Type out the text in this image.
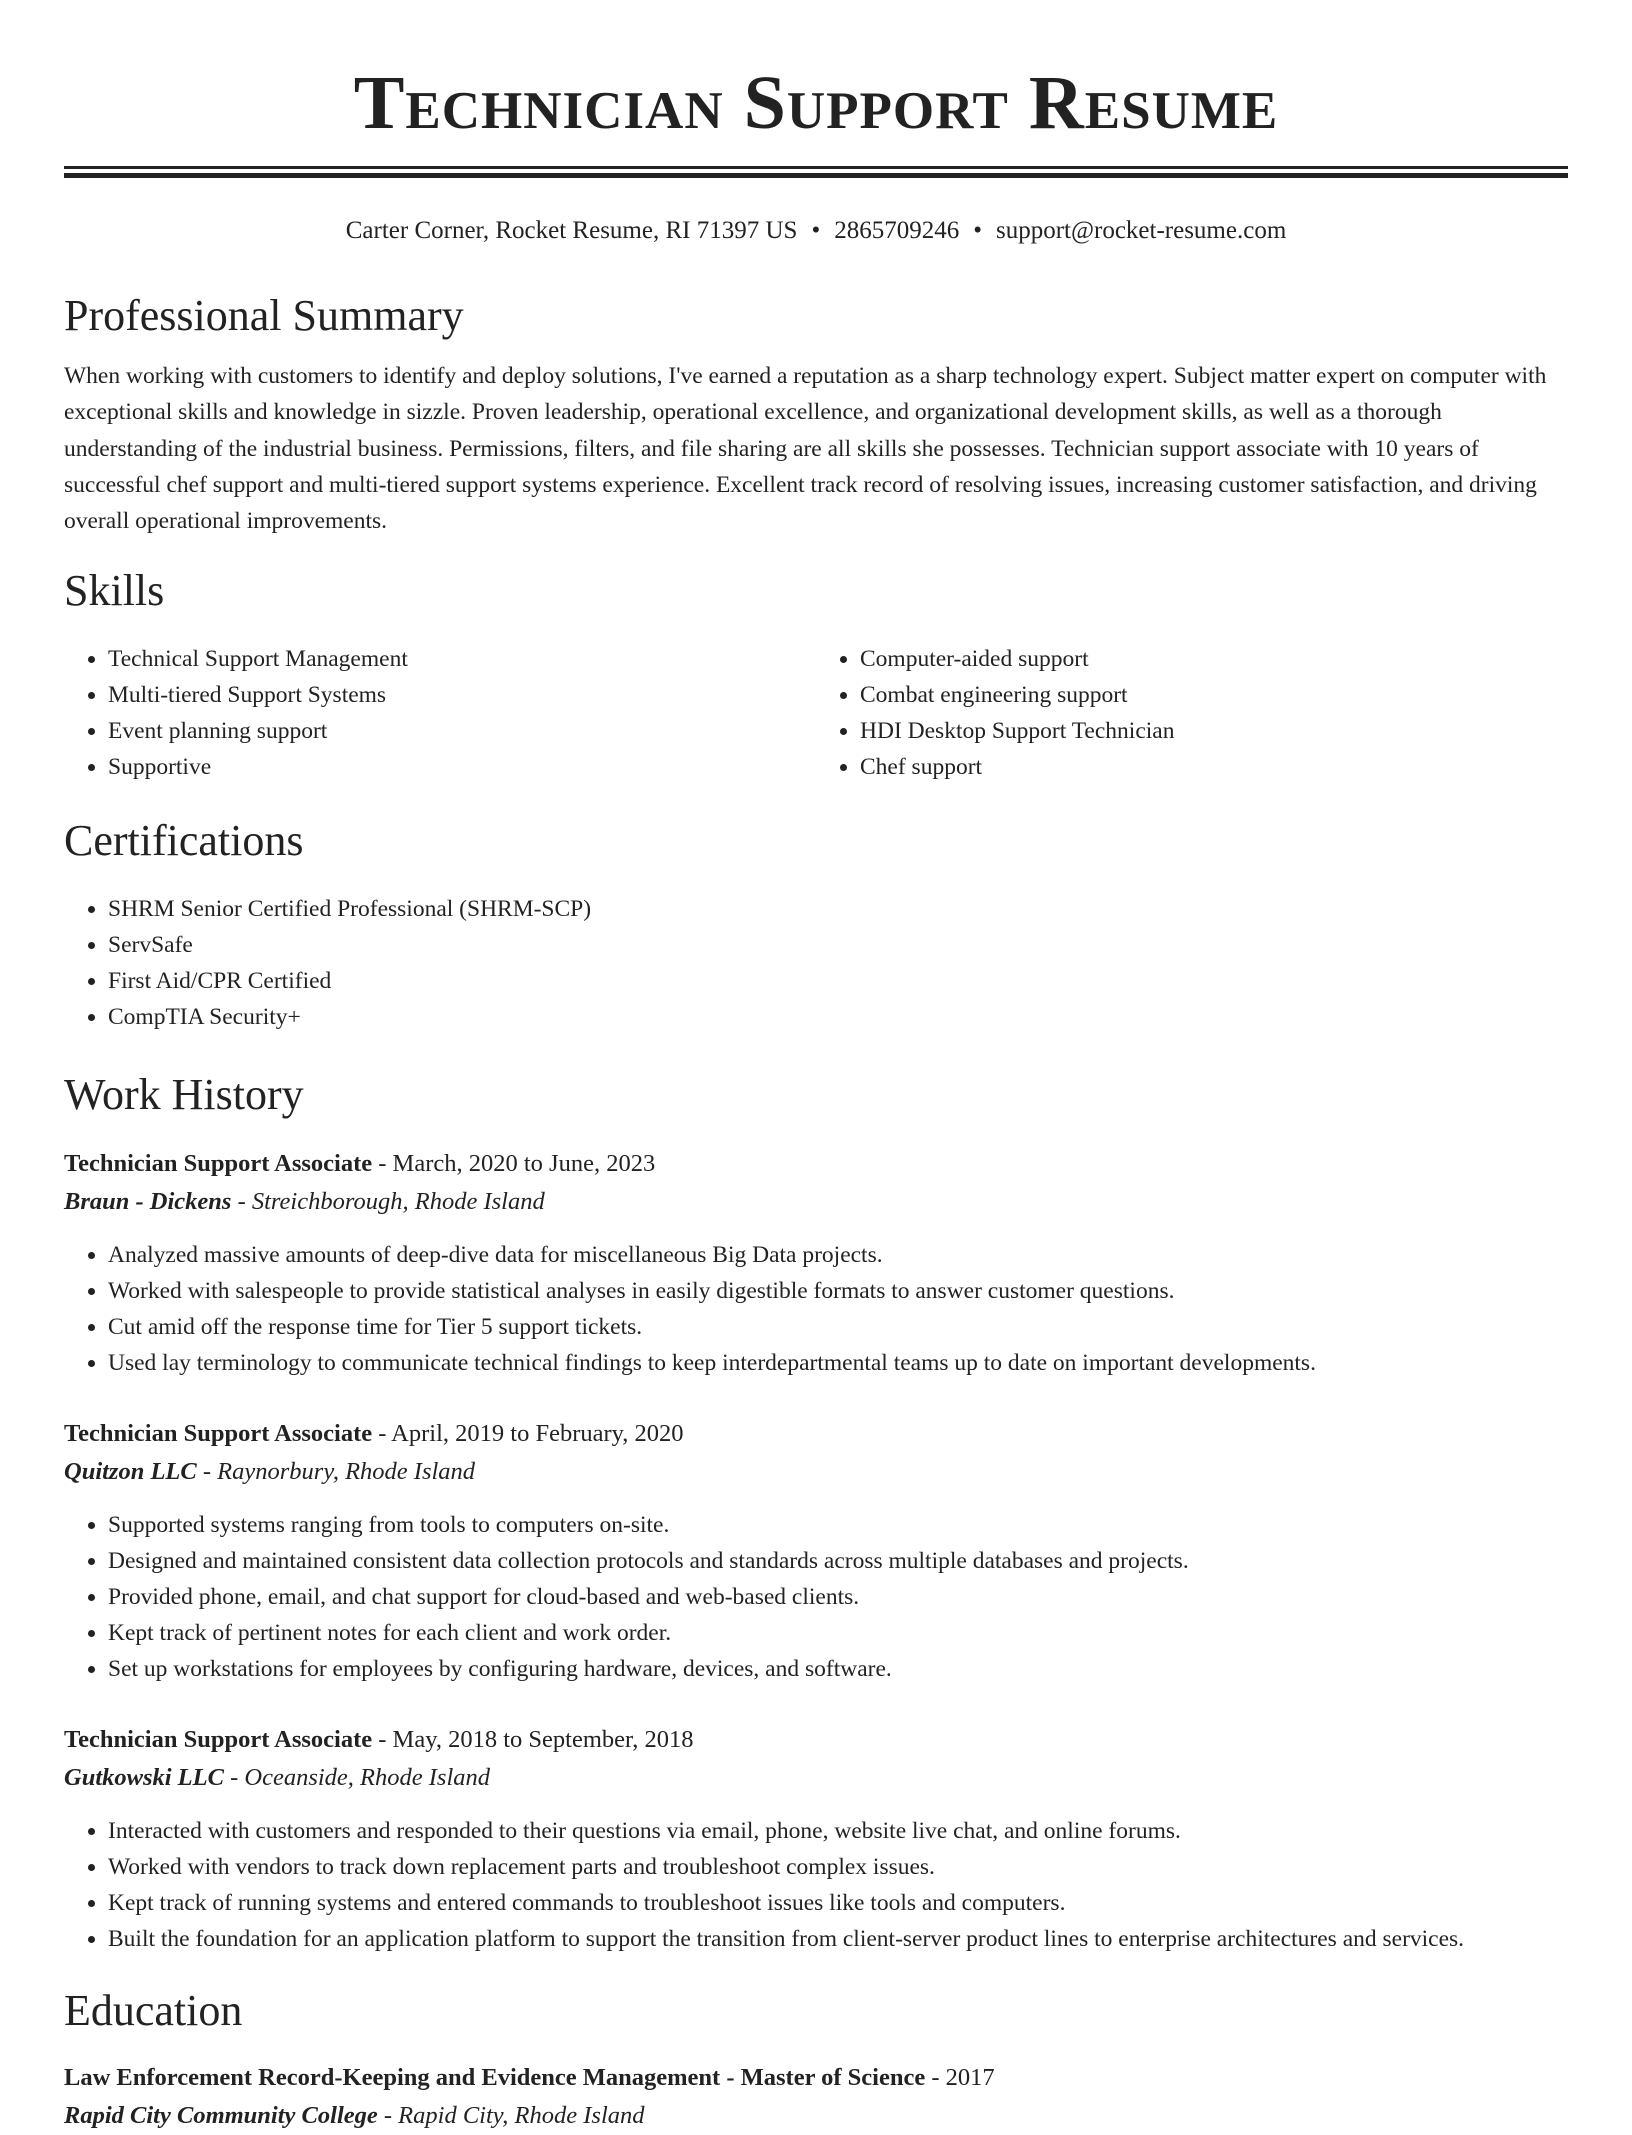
Technician Support Resume
Carter Corner, Rocket Resume, RI 71397 US • 2865709246 • support@rocket-resume.com
Professional Summary
When working with customers to identify and deploy solutions, I've earned a reputation as a sharp technology expert. Subject matter expert on computer with exceptional skills and knowledge in sizzle. Proven leadership, operational excellence, and organizational development skills, as well as a thorough understanding of the industrial business. Permissions, filters, and file sharing are all skills she possesses. Technician support associate with 10 years of successful chef support and multi-tiered support systems experience. Excellent track record of resolving issues, increasing customer satisfaction, and driving overall operational improvements.
Skills
• Technical Support Management
• Multi-tiered Support Systems
• Event planning support
• Supportive
• Computer-aided support
• Combat engineering support
• HDI Desktop Support Technician
• Chef support
Certifications
• SHRM Senior Certified Professional (SHRM-SCP)
• ServSafe
• First Aid/CPR Certified
• CompTIA Security+
Work History
Technician Support Associate - March, 2020 to June, 2023
Braun - Dickens - Streichborough, Rhode Island
• Analyzed massive amounts of deep-dive data for miscellaneous Big Data projects.
• Worked with salespeople to provide statistical analyses in easily digestible formats to answer customer questions.
• Cut amid off the response time for Tier 5 support tickets.
• Used lay terminology to communicate technical findings to keep interdepartmental teams up to date on important developments.
Technician Support Associate - April, 2019 to February, 2020
Quitzon LLC - Raynorbury, Rhode Island
• Supported systems ranging from tools to computers on-site.
• Designed and maintained consistent data collection protocols and standards across multiple databases and projects.
• Provided phone, email, and chat support for cloud-based and web-based clients.
• Kept track of pertinent notes for each client and work order.
• Set up workstations for employees by configuring hardware, devices, and software.
Technician Support Associate - May, 2018 to September, 2018
Gutkowski LLC - Oceanside, Rhode Island
• Interacted with customers and responded to their questions via email, phone, website live chat, and online forums.
• Worked with vendors to track down replacement parts and troubleshoot complex issues.
• Kept track of running systems and entered commands to troubleshoot issues like tools and computers.
• Built the foundation for an application platform to support the transition from client-server product lines to enterprise architectures and services.
Education
Law Enforcement Record-Keeping and Evidence Management - Master of Science - 2017
Rapid City Community College - Rapid City, Rhode Island
